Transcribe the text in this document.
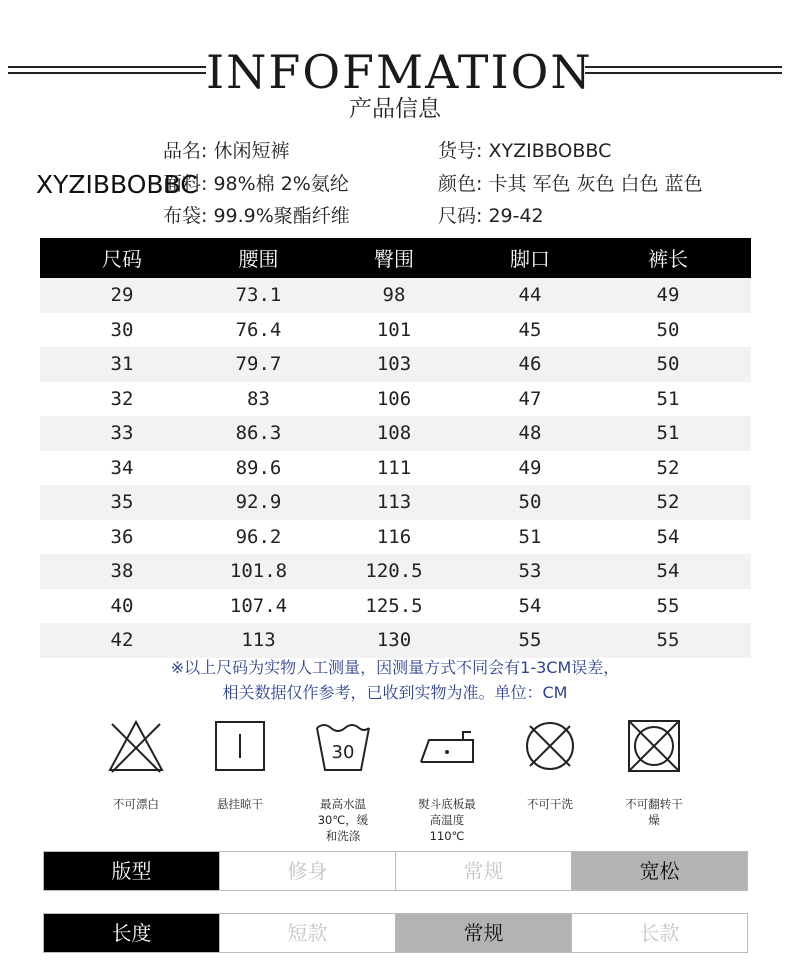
INFOFMATION
产品信息
品名: 休闲短裤	货号: XYZIBBOBBC
面料: 98%棉 2%氨纶	颜色: 卡其 军色 灰色 白色 蓝色
布袋: 99.9%聚酯纤维	尺码: 29-42
XYZIBBOBBC
尺码	腰围	臀围	脚口	裤长
29	73.1	98	44	49
30	76.4	101	45	50
31	79.7	103	46	50
32	83	106	47	51
33	86.3	108	48	51
34	89.6	111	49	52
35	92.9	113	50	52
36	96.2	116	51	54
38	101.8	120.5	53	54
40	107.4	125.5	54	55
42	113	130	55	55
※以上尺码为实物人工测量，因测量方式不同会有1-3CM误差，
相关数据仅作参考，已收到实物为准。单位：CM
不可漂白	悬挂晾干
30
最高水温 30℃，缓和洗涤
熨斗底板最高温度110℃
不可干洗	不可翻转干燥
版型	修身	常规	宽松
长度	短款	常规	长款
